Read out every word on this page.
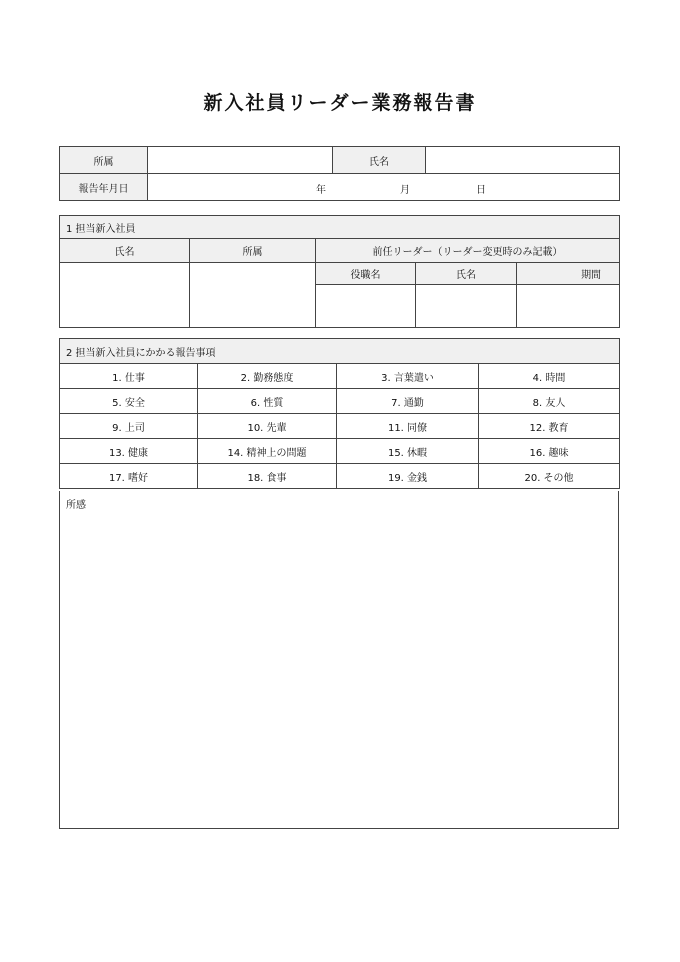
新入社員リーダー業務報告書
所属		氏名	
報告年月日	年 月 日		
1 担当新入社員				
氏名	所属	前任リーダー（リーダー変更時のみ記載）		
		役職名	氏名	期間

2 担当新入社員にかかる報告事項			
1. 仕事	2. 勤務態度	3. 言葉遣い	4. 時間
5. 安全	6. 性質	7. 通勤	8. 友人
9. 上司	10. 先輩	11. 同僚	12. 教育
13. 健康	14. 精神上の問題	15. 休暇	16. 趣味
17. 嗜好	18. 食事	19. 金銭	20. その他
所感
